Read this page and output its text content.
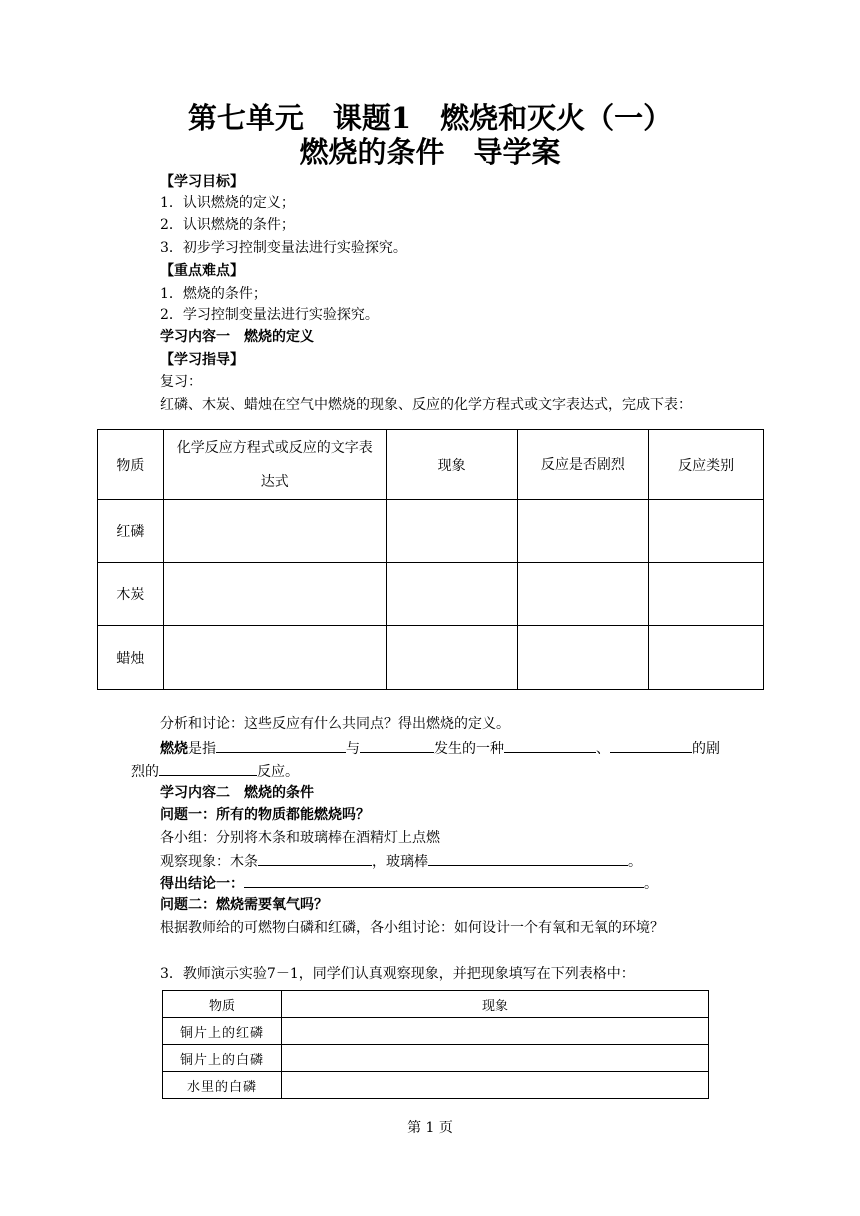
第七单元　课题1　燃烧和灭火（一）
燃烧的条件　导学案
【学习目标】
1．认识燃烧的定义；
2．认识燃烧的条件；
3．初步学习控制变量法进行实验探究。
【重点难点】
1．燃烧的条件；
2．学习控制变量法进行实验探究。
学习内容一　燃烧的定义
【学习指导】
复习：
红磷、木炭、蜡烛在空气中燃烧的现象、反应的化学方程式或文字表达式，完成下表：
物质	化学反应方程式或反应的文字表达式	现象	反应是否剧烈	反应类别
红磷				
木炭				
蜡烛				
分析和讨论：这些反应有什么共同点？得出燃烧的定义。
燃烧是指	与	发生的一种	、	的剧
烈的	反应。
学习内容二　燃烧的条件
问题一：所有的物质都能燃烧吗？
各小组：分别将木条和玻璃棒在酒精灯上点燃
观察现象：木条	，玻璃棒	。
得出结论一：	。
问题二：燃烧需要氧气吗？
根据教师给的可燃物白磷和红磷，各小组讨论：如何设计一个有氧和无氧的环境？
3．教师演示实验7－1，同学们认真观察现象，并把现象填写在下列表格中：
物质	现象
铜片上的红磷	
铜片上的白磷	
水里的白磷	
第 1 页
